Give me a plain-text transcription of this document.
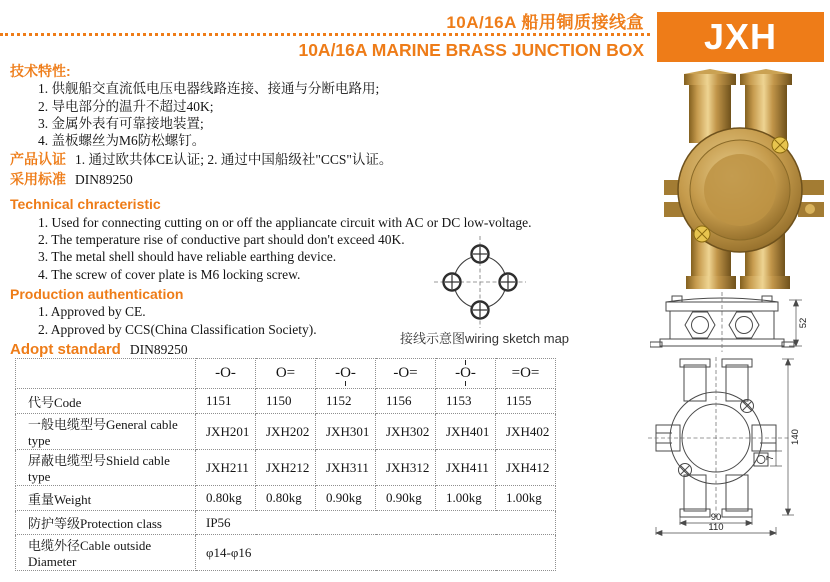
10A/16A 船用铜质接线盒
10A/16A MARINE BRASS JUNCTION BOX	JXH

技术特性:

1. 供舰船交直流低电压电器线路连接、接通与分断电路用;

2. 导电部分的温升不超过40K;

3. 金属外表有可靠接地装置;

4. 盖板螺丝为M6防松螺钉。

产品认证 1. 通过欧共体CE认证; 2. 通过中国船级社"CCS"认证。

采用标准 DIN89250

Technical chracteristic

1. Used for connecting cutting on or off the appliancate circuit with AC or DC low-voltage.

2. The temperature rise of conductive part should don't exceed 40K.

3. The metal shell should have reliable earthing device.

4. The screw of cover plate is M6 locking screw.

Production authentication

1. Approved by CE.

2. Approved by CCS(China Classification Society).

Adopt standard DIN89250

接线示意图wiring sketch map
52
140
7
90
110
	-O-	O=	-O-	-O=	-O-	=O=
代号Code	1151	1150	1152	1156	1153	1155
一般电缆型号General cable type	JXH201	JXH202	JXH301	JXH302	JXH401	JXH402
屏蔽电缆型号Shield cable type	JXH211	JXH212	JXH311	JXH312	JXH411	JXH412
重量Weight	0.80kg	0.80kg	0.90kg	0.90kg	1.00kg	1.00kg
防护等级Protection class	IP56					
电缆外径Cable outside Diameter	φ14-φ16					
